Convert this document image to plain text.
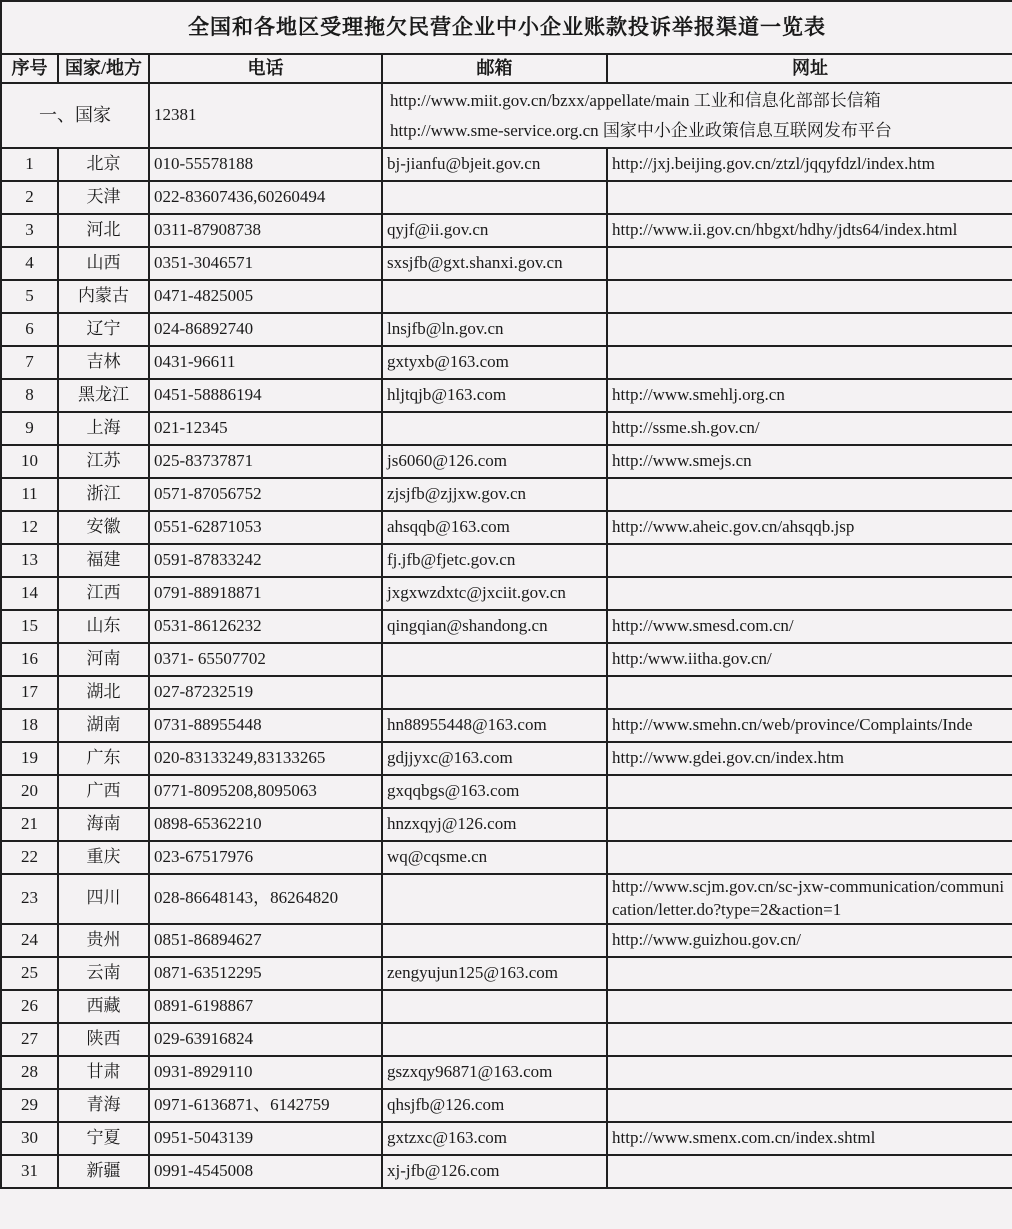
全国和各地区受理拖欠民营企业中小企业账款投诉举报渠道一览表				
序号	国家/地方	电话	邮箱	网址
一、国家		12381	http://www.miit.gov.cn/bzxx/appellate/main 工业和信息化部部长信箱
http://www.sme-service.org.cn 国家中小企业政策信息互联网发布平台	

1	北京	010-55578188	bj-jianfu@bjeit.gov.cn	http://jxj.beijing.gov.cn/ztzl/jqqyfdzl/index.htm
2	天津	022-83607436,60260494		
3	河北	0311-87908738	qyjf@ii.gov.cn	http://www.ii.gov.cn/hbgxt/hdhy/jdts64/index.html
4	山西	0351-3046571	sxsjfb@gxt.shanxi.gov.cn	
5	内蒙古	0471-4825005		
6	辽宁	024-86892740	lnsjfb@ln.gov.cn	
7	吉林	0431-96611	gxtyxb@163.com	
8	黑龙江	0451-58886194	hljtqjb@163.com	http://www.smehlj.org.cn
9	上海	021-12345		http://ssme.sh.gov.cn/
10	江苏	025-83737871	js6060@126.com	http://www.smejs.cn
11	浙江	0571-87056752	zjsjfb@zjjxw.gov.cn	
12	安徽	0551-62871053	ahsqqb@163.com	http://www.aheic.gov.cn/ahsqqb.jsp
13	福建	0591-87833242	fj.jfb@fjetc.gov.cn	
14	江西	0791-88918871	jxgxwzdxtc@jxciit.gov.cn	
15	山东	0531-86126232	qingqian@shandong.cn	http://www.smesd.com.cn/
16	河南	0371- 65507702		http:/www.iitha.gov.cn/
17	湖北	027-87232519		
18	湖南	0731-88955448	hn88955448@163.com	http://www.smehn.cn/web/province/Complaints/Inde
19	广东	020-83133249,83133265	gdjjyxc@163.com	http://www.gdei.gov.cn/index.htm
20	广西	0771-8095208,8095063	gxqqbgs@163.com	
21	海南	0898-65362210	hnzxqyj@126.com	
22	重庆	023-67517976	wq@cqsme.cn	
23	四川	028-86648143，86264820		http://www.scjm.gov.cn/sc-jxw-communication/communication/letter.do?type=2&action=1
24	贵州	0851-86894627		http://www.guizhou.gov.cn/
25	云南	0871-63512295	zengyujun125@163.com	
26	西藏	0891-6198867		
27	陕西	029-63916824		
28	甘肃	0931-8929110	gszxqy96871@163.com	
29	青海	0971-6136871、6142759	qhsjfb@126.com	
30	宁夏	0951-5043139	gxtzxc@163.com	http://www.smenx.com.cn/index.shtml
31	新疆	0991-4545008	xj-jfb@126.com	
